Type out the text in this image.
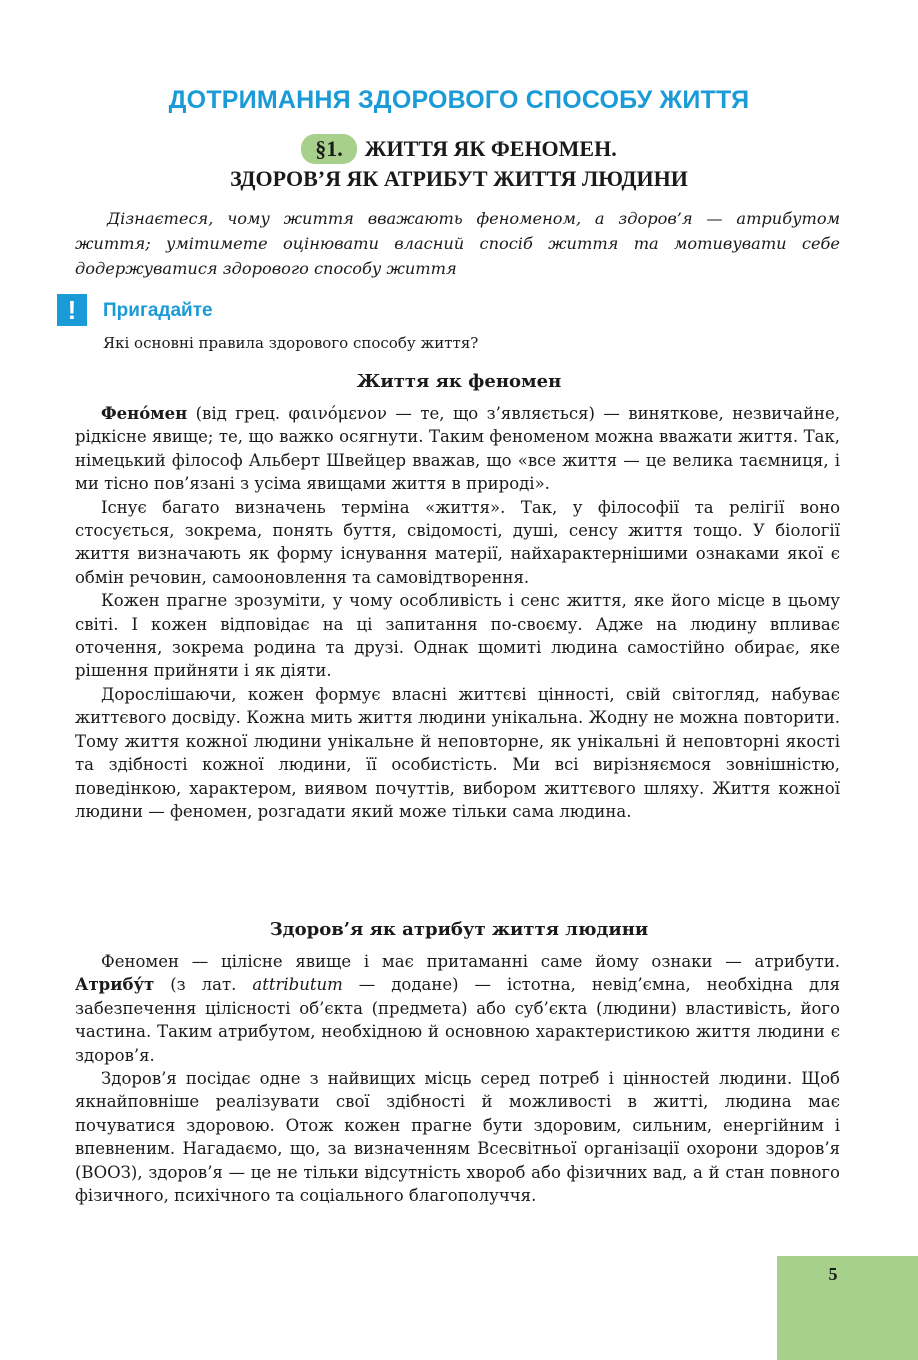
ДОТРИМАННЯ ЗДОРОВОГО СПОСОБУ ЖИТТЯ
§1. ЖИТТЯ ЯК ФЕНОМЕН.
ЗДОРОВ’Я ЯК АТРИБУТ ЖИТТЯ ЛЮДИНИ

Дізнаєтеся, чому життя вважають феноменом, а здоров’я — атрибутом життя; умітимете оцінювати власний спосіб життя та мотивувати себе додержуватися здорового способу життя

!	Пригадайте
Які основні правила здорового способу життя?
Життя як феномен

Фено́мен (від грец. φαινόμενον — те, що з’являється) — виняткове, незвичайне, рідкісне явище; те, що важко осягнути. Таким феноменом можна вважати життя. Так, німецький філософ Альберт Швейцер вважав, що «все життя — це велика таємниця, і ми тісно пов’язані з усіма явищами життя в природі».

Існує багато визначень терміна «життя». Так, у філософії та релігії воно стосується, зокрема, понять буття, свідомості, душі, сенсу життя тощо. У біології життя визначають як форму існування матерії, найхарактернішими ознаками якої є обмін речовин, самооновлення та самовідтворення.

Кожен прагне зрозуміти, у чому особливість і сенс життя, яке його місце в цьому світі. І кожен відповідає на ці запитання по-своєму. Адже на людину впливає оточення, зокрема родина та друзі. Однак щомиті людина самостійно обирає, яке рішення прийняти і як діяти.

Дорослішаючи, кожен формує власні життєві цінності, свій світогляд, набуває життєвого досвіду. Кожна мить життя людини унікальна. Жодну не можна повторити. Тому життя кожної людини унікальне й неповторне, як унікальні й неповторні якості та здібності кожної людини, її особистість. Ми всі вирізняємося зовнішністю, поведінкою, характером, виявом почуттів, вибором життєвого шляху. Життя кожної людини — феномен, розгадати який може тільки сама людина.

Здоров’я як атрибут життя людини

Феномен — цілісне явище і має притаманні саме йому ознаки — атрибути. Атрибу́т (з лат. attributum — додане) — істотна, невід’ємна, необхідна для забезпечення цілісності об’єкта (предмета) або суб’єкта (людини) властивість, його частина. Таким атрибутом, необхідною й основною характеристикою життя людини є здоров’я.

Здоров’я посідає одне з найвищих місць серед потреб і цінностей людини. Щоб якнайповніше реалізувати свої здібності й можливості в житті, людина має почуватися здоровою. Отож кожен прагне бути здоровим, сильним, енергійним і впевненим. Нагадаємо, що, за визначенням Всесвітньої організації охорони здоров’я (ВООЗ), здоров’я — це не тільки відсутність хвороб або фізичних вад, а й стан повного фізичного, психічного та соціального благополуччя.

5
